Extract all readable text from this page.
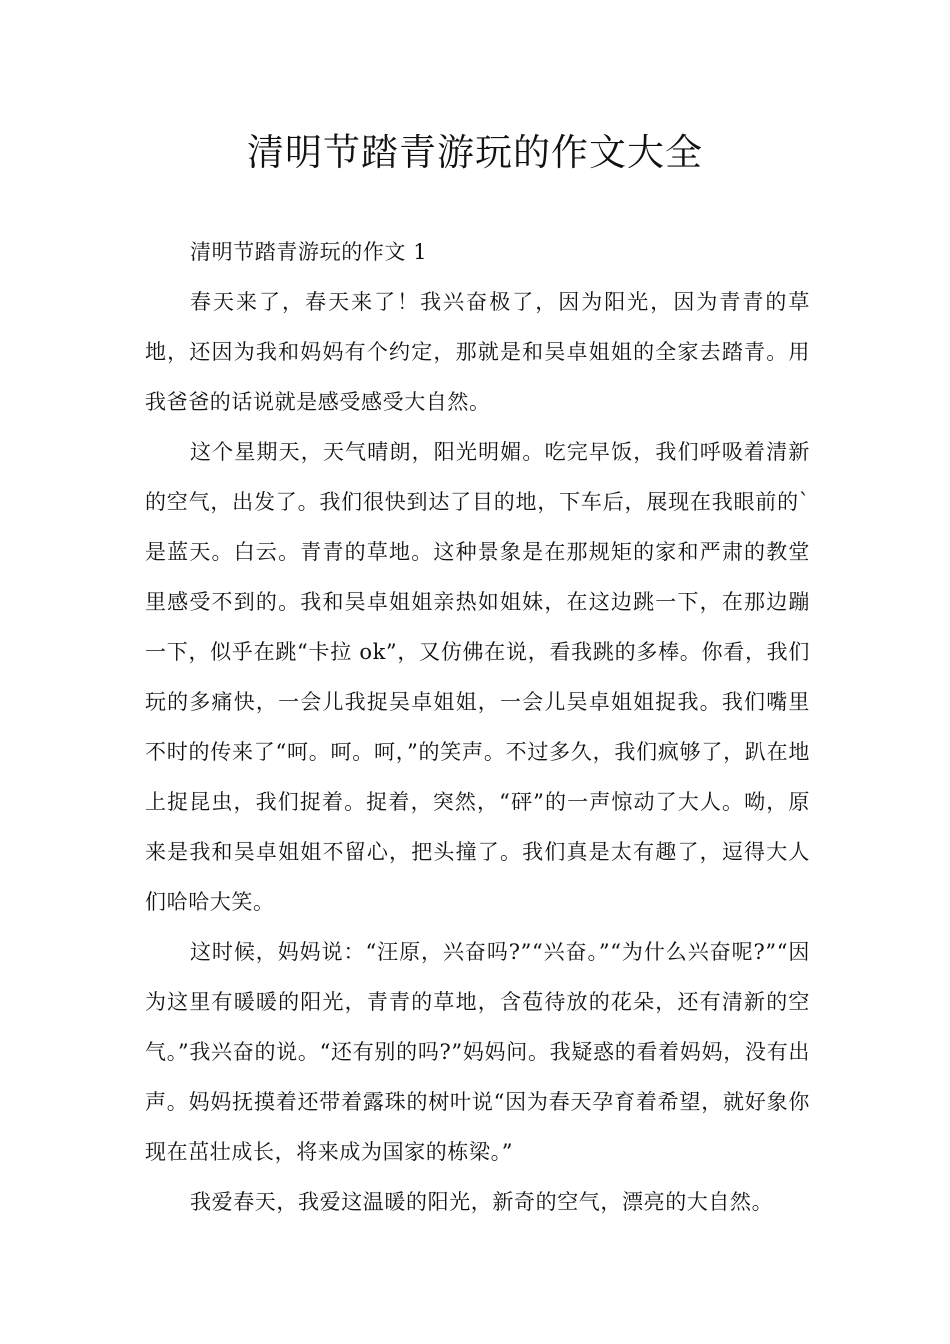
清明节踏青游玩的作文大全

清明节踏青游玩的作文 1

春天来了，春天来了！我兴奋极了，因为阳光，因为青青的草地，还因为我和妈妈有个约定，那就是和吴卓姐姐的全家去踏青。用我爸爸的话说就是感受感受大自然。

这个星期天，天气晴朗，阳光明媚。吃完早饭，我们呼吸着清新的空气，出发了。我们很快到达了目的地，下车后，展现在我眼前的`是蓝天。白云。青青的草地。这种景象是在那规矩的家和严肃的教堂里感受不到的。我和吴卓姐姐亲热如姐妹，在这边跳一下，在那边蹦一下，似乎在跳“卡拉 ok”，又仿佛在说，看我跳的多棒。你看，我们玩的多痛快，一会儿我捉吴卓姐姐，一会儿吴卓姐姐捉我。我们嘴里不时的传来了“呵。呵。呵，”的笑声。不过多久，我们疯够了，趴在地上捉昆虫，我们捉着。捉着，突然，“砰”的一声惊动了大人。呦，原来是我和吴卓姐姐不留心，把头撞了。我们真是太有趣了，逗得大人们哈哈大笑。

这时候，妈妈说：“汪原，兴奋吗?”“兴奋。”“为什么兴奋呢?”“因为这里有暖暖的阳光，青青的草地，含苞待放的花朵，还有清新的空气。”我兴奋的说。“还有别的吗?”妈妈问。我疑惑的看着妈妈，没有出声。妈妈抚摸着还带着露珠的树叶说“因为春天孕育着希望，就好象你现在茁壮成长，将来成为国家的栋梁。”

我爱春天，我爱这温暖的阳光，新奇的空气，漂亮的大自然。
